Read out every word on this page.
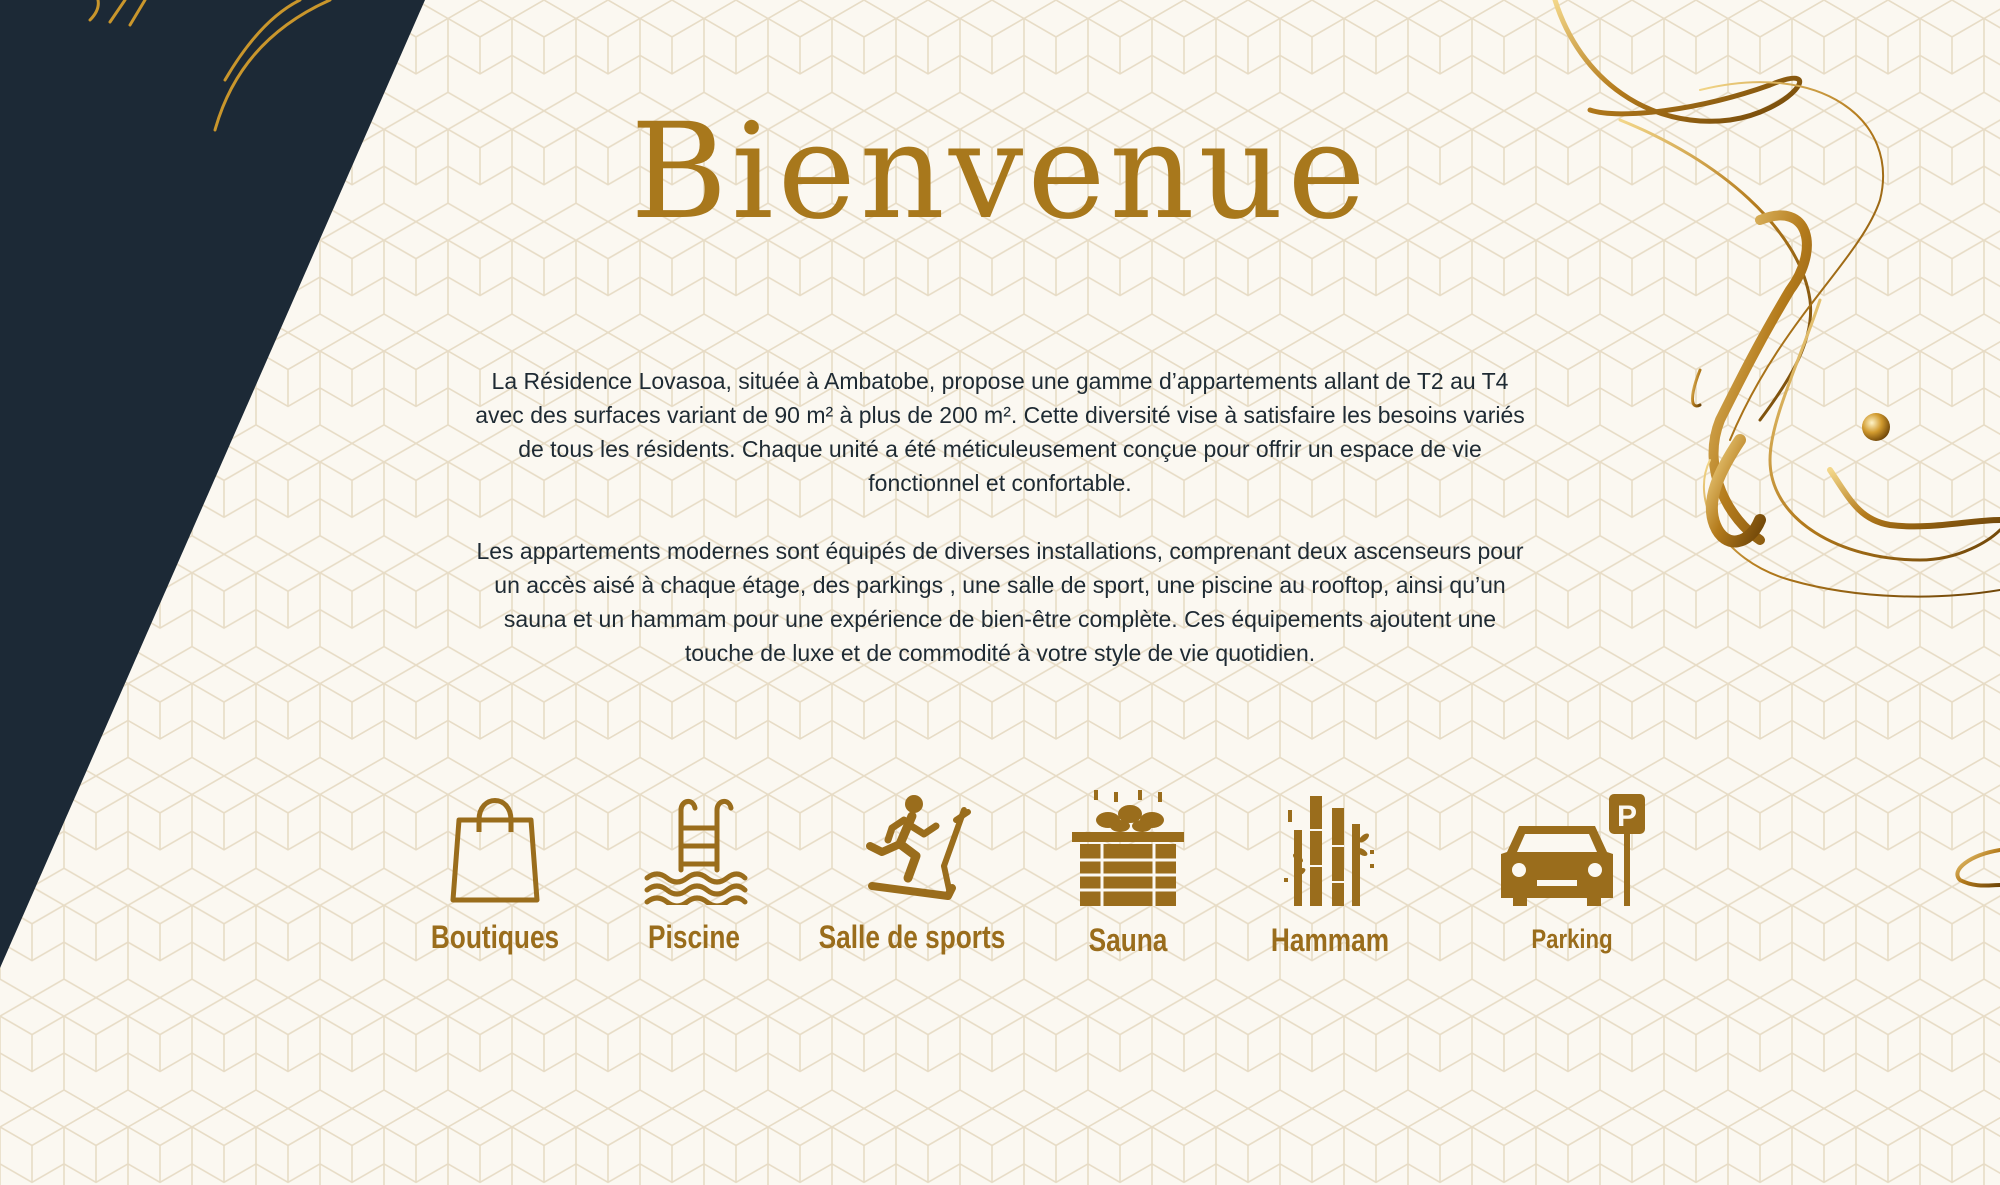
Bienvenue

La Résidence Lovasoa, située à Ambatobe, propose une gamme d’appartements allant de T2 au T4 avec des surfaces variant de 90 m² à plus de 200 m². Cette diversité vise à satisfaire les besoins variés de tous les résidents. Chaque unité a été méticuleusement conçue pour offrir un espace de vie fonctionnel et confortable.

Les appartements modernes sont équipés de diverses installations, comprenant deux ascenseurs pour un accès aisé à chaque étage, des parkings , une salle de sport, une piscine au rooftop, ainsi qu’un sauna et un hammam pour une expérience de bien-être complète. Ces équipements ajoutent une touche de luxe et de commodité à votre style de vie quotidien.

Boutiques	Piscine	Salle de sports	Sauna	Hammam
P
Parking
